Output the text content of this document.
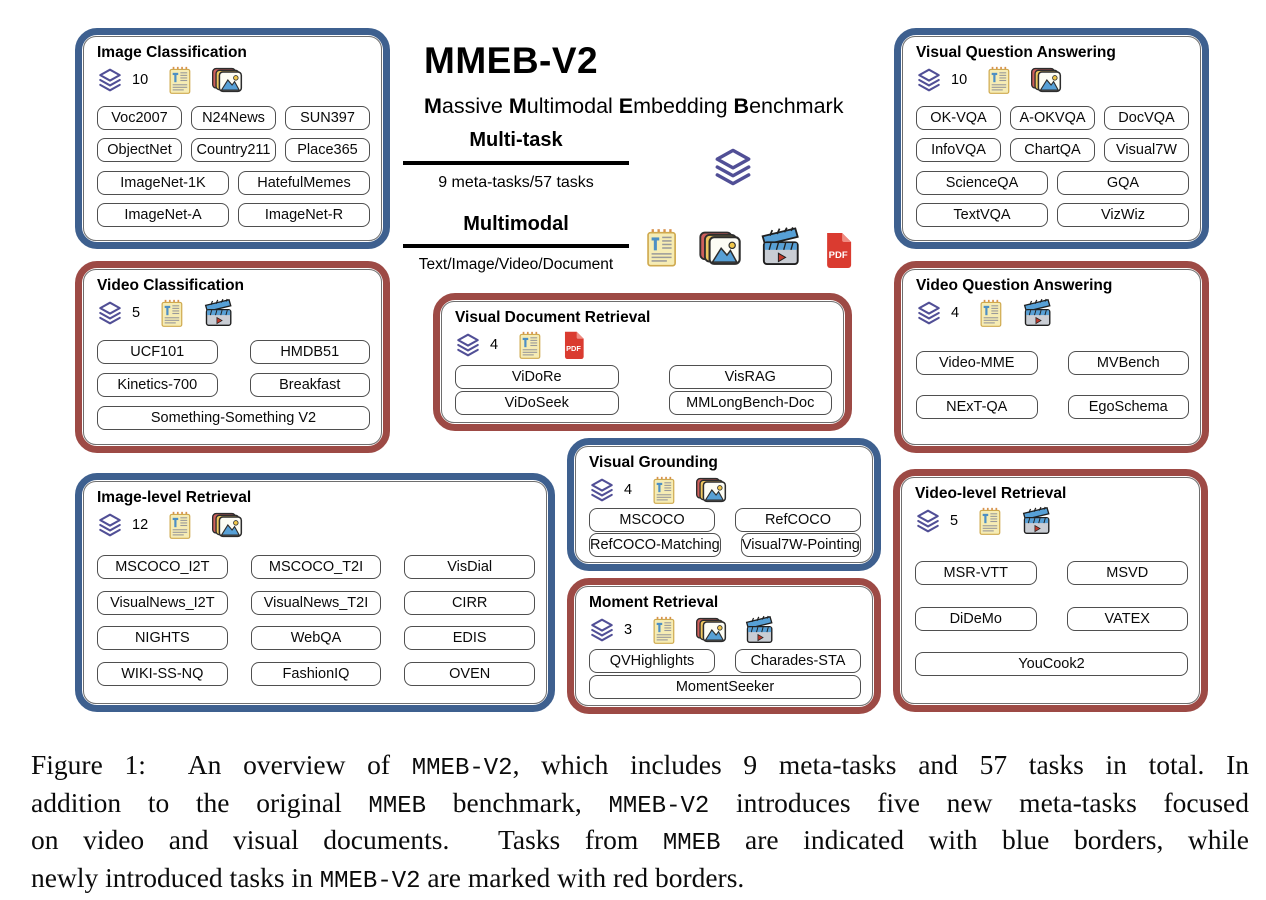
MMEB-V2
Massive Multimodal Embedding Benchmark
Multi-task
9 meta-tasks/57 tasks
Multimodal
Text/Image/Video/Document
PDF
Image Classification
10
Voc2007	N24News	SUN397
ObjectNet	Country211	Place365
ImageNet-1K	HatefulMemes
ImageNet-A	ImageNet-R
Visual Question Answering
10
OK-VQA	A-OKVQA	DocVQA
InfoVQA	ChartQA	Visual7W
ScienceQA	GQA
TextVQA	VizWiz
Video Classification
5
UCF101	HMDB51
Kinetics-700	Breakfast
Something-Something V2
Video Question Answering
4
Video-MME	MVBench
NExT-QA	EgoSchema
Visual Document Retrieval
4	PDF
ViDoRe	VisRAG
ViDoSeek	MMLongBench-Doc
Image-level Retrieval
12
MSCOCO_I2T	MSCOCO_T2I	VisDial
VisualNews_I2T	VisualNews_T2I	CIRR
NIGHTS	WebQA	EDIS
WIKI-SS-NQ	FashionIQ	OVEN
Visual Grounding
4
MSCOCO	RefCOCO
RefCOCO-Matching Visual7W-Pointing
Moment Retrieval
3
QVHighlights	Charades-STA
MomentSeeker
Video-level Retrieval
5
MSR-VTT	MSVD
DiDeMo	VATEX
YouCook2
Figure 1:  An overview of MMEB-V2, which includes 9 meta-tasks and 57 tasks in total. In
addition to the original MMEB benchmark, MMEB-V2 introduces five new meta-tasks focused
on video and visual documents.  Tasks from MMEB are indicated with blue borders, while
newly introduced tasks in MMEB-V2 are marked with red borders.
